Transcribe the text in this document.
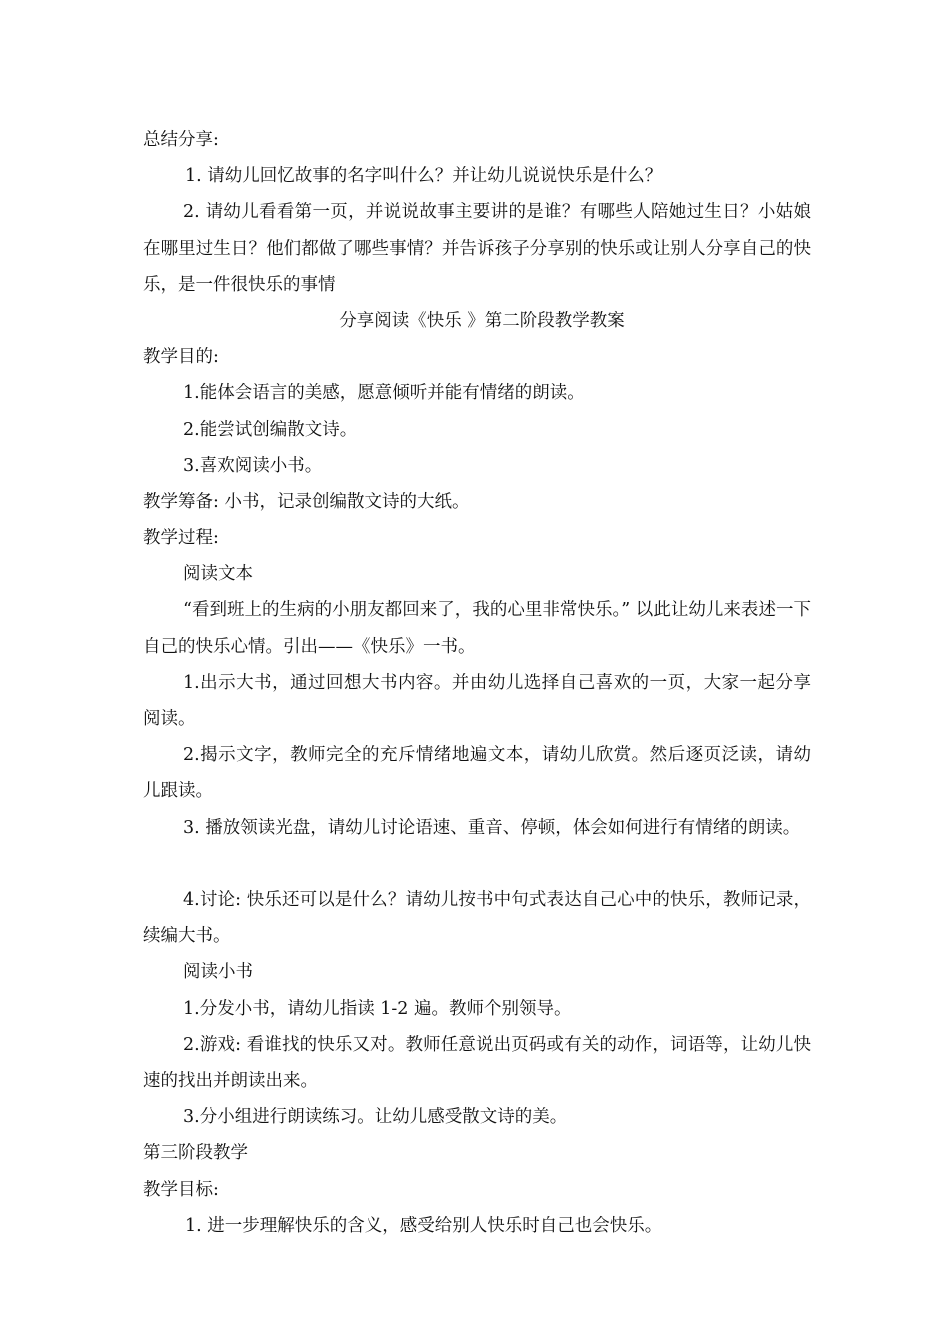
总结分享:
1. 请幼儿回忆故事的名字叫什么？并让幼儿说说快乐是什么？
2. 请幼儿看看第一页，并说说故事主要讲的是谁？有哪些人陪她过生日？小姑娘在哪里过生日？他们都做了哪些事情？并告诉孩子分享别的快乐或让别人分享自己的快乐，是一件很快乐的事情
分享阅读《快乐 》第二阶段教学教案
教学目的:
1.能体会语言的美感，愿意倾听并能有情绪的朗读。
2.能尝试创编散文诗。
3.喜欢阅读小书。
教学筹备: 小书，记录创编散文诗的大纸。
教学过程:
阅读文本
“看到班上的生病的小朋友都回来了，我的心里非常快乐。” 以此让幼儿来表述一下自己的快乐心情。引出——《快乐》一书。
1.出示大书，通过回想大书内容。并由幼儿选择自己喜欢的一页，大家一起分享阅读。
2.揭示文字，教师完全的充斥情绪地遍文本，请幼儿欣赏。然后逐页泛读，请幼儿跟读。
3. 播放领读光盘，请幼儿讨论语速、重音、停顿，体会如何进行有情绪的朗读。
4.讨论: 快乐还可以是什么？请幼儿按书中句式表达自己心中的快乐，教师记录，续编大书。
阅读小书
1.分发小书，请幼儿指读 1-2 遍。教师个别领导。
2.游戏: 看谁找的快乐又对。教师任意说出页码或有关的动作，词语等，让幼儿快速的找出并朗读出来。
3.分小组进行朗读练习。让幼儿感受散文诗的美。
第三阶段教学
教学目标:
1. 进一步理解快乐的含义，感受给别人快乐时自己也会快乐。
